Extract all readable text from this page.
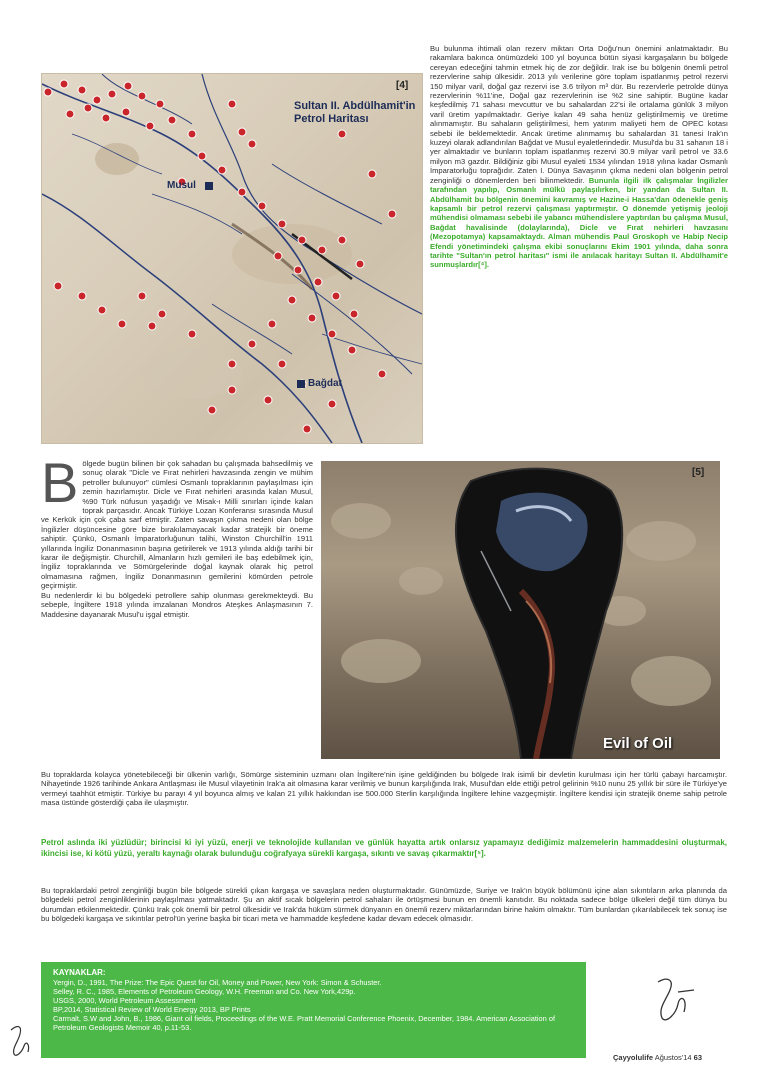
[4]
Sultan II. Abdülhamit'in
Petrol Haritası
Musul
Bağdat

Bu bulunma ihtimali olan rezerv miktarı Orta Doğu'nun önemini anlatmaktadır. Bu rakamlara bakınca önümüzdeki 100 yıl boyunca bütün siyasi kargaşaların bu bölgede cereyan edeceğini tahmin etmek hiç de zor değildir. Irak ise bu bölgenin önemli petrol rezervlerine sahip ülkesidir. 2013 yılı verilerine göre toplam ispatlanmış petrol rezervi 150 milyar varil, doğal gaz rezervi ise 3.6 trilyon m³ dür. Bu rezervlerle petrolde dünya rezervlerinin %11'ine, Doğal gaz rezervlerinin ise %2 sine sahiptir. Bugüne kadar keşfedilmiş 71 sahası mevcuttur ve bu sahalardan 22'si ile ortalama günlük 3 milyon varil üretim yapılmaktadır. Geriye kalan 49 saha henüz geliştirilmemiş ve üretime alınmamıştır. Bu sahaların geliştirilmesi, hem yatırım maliyeti hem de OPEC kotası sebebi ile beklemektedir. Ancak üretime alınmamış bu sahalardan 31 tanesi Irak'ın kuzeyi olarak adlandırılan Bağdat ve Musul eyaletlerindedir. Musul'da bu 31 sahanın 18 i yer almaktadır ve bunların toplam ispatlanmış rezervi 30.9 milyar varil petrol ve 33.6 milyon m3 gazdır. Bildiğiniz gibi Musul eyaleti 1534 yılından 1918 yılına kadar Osmanlı İmparatorluğu toprağıdır. Zaten I. Dünya Savaşının çıkma nedeni olan bölgenin petrol zenginliği o dönemlerden beri bilinmektedir. Bununla ilgili ilk çalışmalar İngilizler tarafından yapılıp, Osmanlı mülkü paylaşılırken, bir yandan da Sultan II. Abdülhamit bu bölgenin önemini kavramış ve Hazine-i Hassa'dan ödenekle geniş kapsamlı bir petrol rezervi çalışması yaptırmıştır. O dönemde yetişmiş jeoloji mühendisi olmaması sebebi ile yabancı mühendislere yaptırılan bu çalışma Musul, Bağdat havalisinde (dolaylarında), Dicle ve Fırat nehirleri havzasını (Mezopotamya) kapsamaktaydı. Alman mühendis Paul Groskoph ve Habip Necip Efendi yönetimindeki çalışma ekibi sonuçlarını Ekim 1901 yılında, daha sonra tarihte "Sultan'ın petrol haritası" ismi ile anılacak haritayı Sultan II. Abdülhamit'e sunmuşlardır[⁴].

B ölgede bugün bilinen bir çok sahadan bu çalışmada bahsedilmiş ve sonuç olarak "Dicle ve Fırat nehirleri havzasında zengin ve mühim petroller bulunuyor" cümlesi Osmanlı topraklarının paylaşılması için zemin hazırlamıştır. Dicle ve Fırat nehirleri arasında kalan Musul, %90 Türk nüfusun yaşadığı ve Misak-ı Milli sınırları içinde kalan toprak parçasıdır. Ancak Türkiye Lozan Konferansı sırasında Musul ve Kerkük için çok çaba sarf etmiştir. Zaten savaşın çıkma nedeni olan bölge İngilizler düşüncesine göre bize bırakılamayacak kadar stratejik bir öneme sahiptir. Çünkü, Osmanlı İmparatorluğunun talihi, Winston Churchill'in 1911 yıllarında İngiliz Donanmasının başına getirilerek ve 1913 yılında aldığı tarihi bir karar ile değişmiştir. Churchill, Almanların hızlı gemileri ile baş edebilmek için, İngiliz topraklarında ve Sömürgelerinde doğal kaynak olarak hiç petrol olmamasına rağmen, İngiliz Donanmasının gemilerini kömürden petrole geçirmiştir.

Bu nedenlerdir ki bu bölgedeki petrollere sahip olunması gerekmekteydi. Bu sebeple, İngiltere 1918 yılında imzalanan Mondros Ateşkes Anlaşmasının 7. Maddesine dayanarak Musul'u işgal etmiştir.

[5]
Evil of Oil

Bu topraklarda kolayca yönetebileceği bir ülkenin varlığı, Sömürge sisteminin uzmanı olan İngiltere'nin işine geldiğinden bu bölgede Irak isimli bir devletin kurulması için her türlü çabayı harcamıştır. Nihayetinde 1926 tarihinde Ankara Antlaşması ile Musul vilayetinin Irak'a ait olmasına karar verilmiş ve bunun karşılığında Irak, Musul'dan elde ettiği petrol gelirinin %10 nunu 25 yıllık bir süre ile Türkiye'ye vermeyi taahhüt etmiştir. Türkiye bu parayı 4 yıl boyunca almış ve kalan 21 yıllık hakkından ise 500.000 Sterlin karşılığında İngiltere lehine vazgeçmiştir. İngiltere kendisi için stratejik öneme sahip petrole masa üstünde gösterdiği çaba ile ulaşmıştır.

Petrol aslında iki yüzlüdür; birincisi ki iyi yüzü, enerji ve teknolojide kullanılan ve günlük hayatta artık onlarsız yapamayız dediğimiz malzemelerin hammaddesini oluşturmak, ikincisi ise, ki kötü yüzü, yeraltı kaynağı olarak bulunduğu coğrafyaya sürekli kargaşa, sıkıntı ve savaş çıkarmaktır[⁵].
Bu topraklardaki petrol zenginliği bugün bile bölgede sürekli çıkan kargaşa ve savaşlara neden oluşturmaktadır. Günümüzde, Suriye ve Irak'ın büyük bölümünü içine alan sıkıntıların arka planında da bölgedeki petrol zenginliklerinin paylaşılması yatmaktadır. Şu an aktif sıcak bölgelerin petrol sahaları ile örtüşmesi bunun en önemli kanıtıdır. Bu noktada sadece bölge ülkeleri değil tüm dünya bu durumdan etkilenmektedir. Çünkü Irak çok önemli bir petrol ülkesidir ve Irak'da hüküm sürmek dünyanın en önemli rezerv miktarlarından birine hakim olmaktır. Tüm bunlardan çıkarılabilecek tek sonuç ise bu bölgedeki kargaşa ve sıkıntılar petrol'ün yerine başka bir ticari meta ve hammadde keşfedene kadar devam edecek olmasıdır.

KAYNAKLAR:

Yergin, D., 1991, The Prize: The Epic Quest for Oil, Money and Power, New York: Simon & Schuster.

Selley, R. C., 1985, Elements of Petroleum Geology, W.H. Freeman and Co. New York,429p.

USGS, 2000, World Petroleum Assessment

BP,2014, Statistical Review of World Energy 2013, BP Prints

Carmalt, S.W and John, B., 1986, Giant oil fields, Proceedings of the W.E. Pratt Memorial Conference Phoenix, December, 1984. American Association of Petroleum Geologists Memoir 40, p.11-53.

Çayyolulife Ağustos'14 63
